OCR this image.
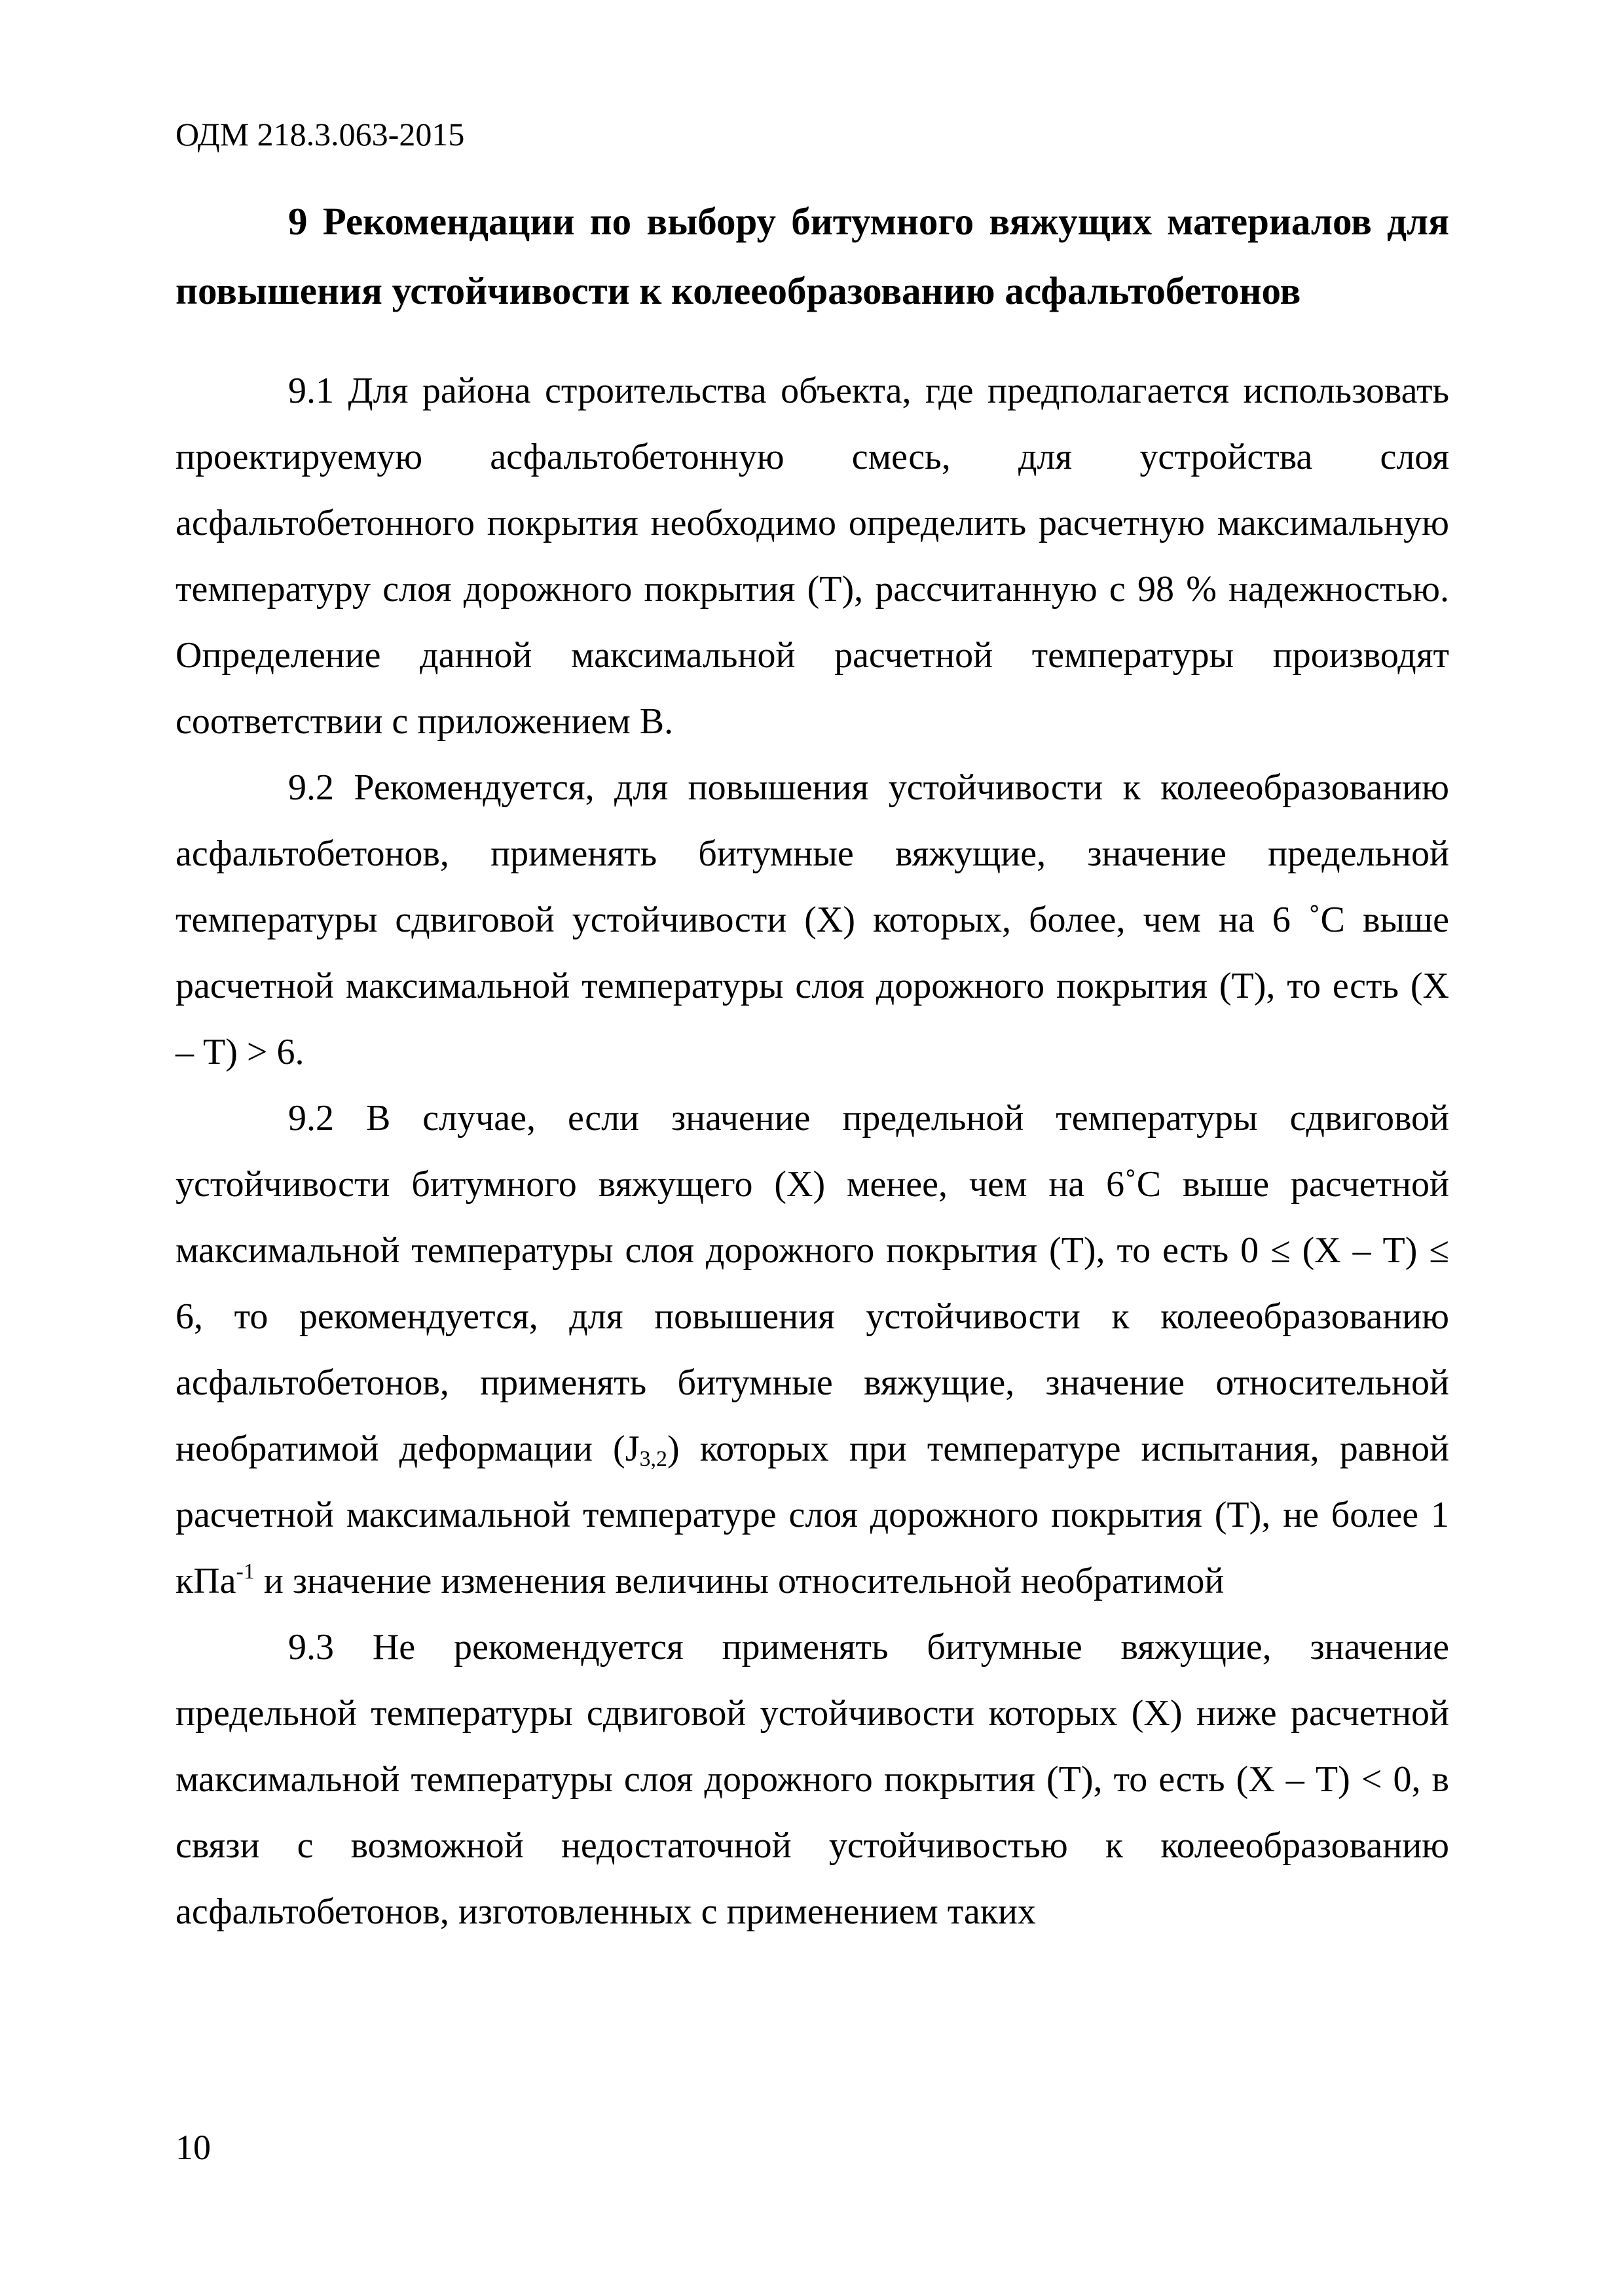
ОДМ 218.3.063-2015

9 Рекомендации по выбору битумного вяжущих материалов для повышения устойчивости к колееобразованию асфальтобетонов

9.1 Для района строительства объекта, где предполагается использовать проектируемую асфальтобетонную смесь, для устройства слоя асфальтобетонного покрытия необходимо определить расчетную максимальную температуру слоя дорожного покрытия (Т), рассчитанную с 98 % надежностью. Определение данной максимальной расчетной температуры производят соответствии с приложением В.

9.2 Рекомендуется, для повышения устойчивости к колееобразованию асфальтобетонов, применять битумные вяжущие, значение предельной температуры сдвиговой устойчивости (Х) которых, более, чем на 6 ˚С выше расчетной максимальной температуры слоя дорожного покрытия (Т), то есть (Х – Т) > 6.

9.2 В случае, если значение предельной температуры сдвиговой устойчивости битумного вяжущего (Х) менее, чем на 6˚С выше расчетной максимальной температуры слоя дорожного покрытия (Т), то есть 0 ≤ (Х – Т) ≤ 6, то рекомендуется, для повышения устойчивости к колееобразованию асфальтобетонов, применять битумные вяжущие, значение относительной необратимой деформации $(J_{3,2})$ которых при температуре испытания, равной расчетной максимальной температуре слоя дорожного покрытия (Т), не более 1 кПа$^{-1}$ и значение изменения величины относительной необратимой

9.3 Не рекомендуется применять битумные вяжущие, значение предельной температуры сдвиговой устойчивости которых (Х) ниже расчетной максимальной температуры слоя дорожного покрытия (Т), то есть (Х – Т) < 0, в связи с возможной недостаточной устойчивостью к колееобразованию асфальтобетонов, изготовленных с применением таких

10
